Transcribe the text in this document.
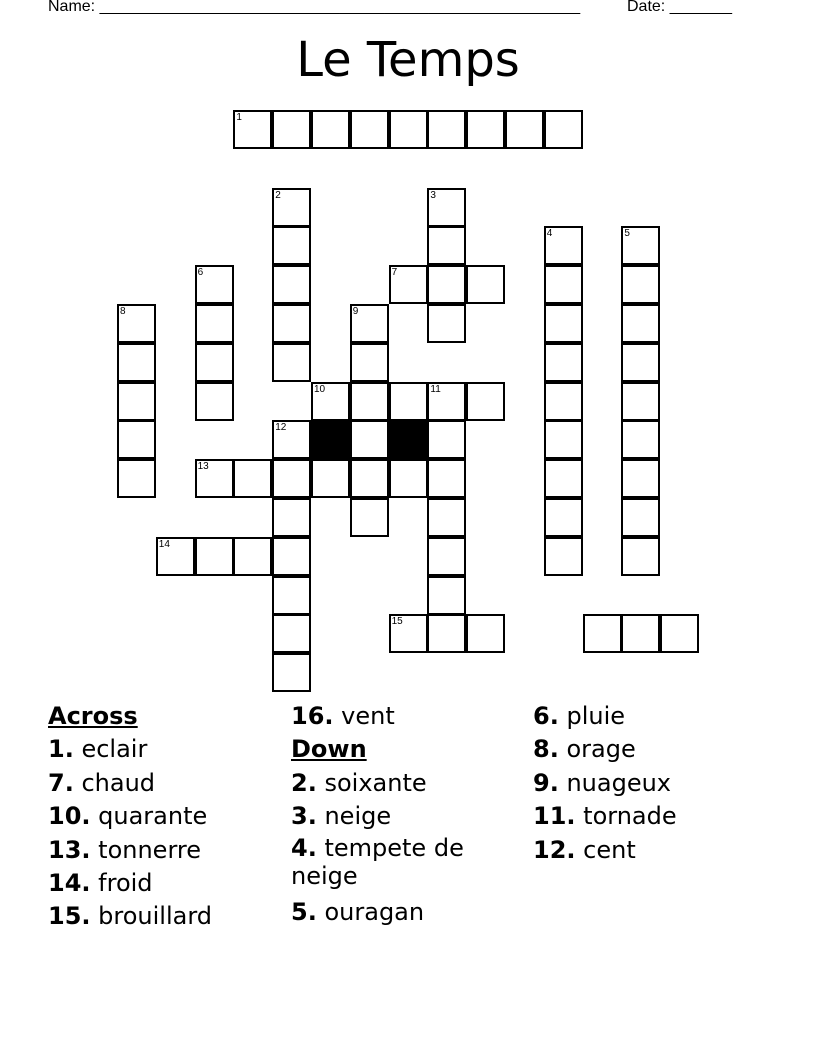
Name: ______________________________________________________	Date: _______
Le Temps
1
2
12
3
7
4	5
6
8	9
10	11
13
14
15

Across

1. eclair

7. chaud

10. quarante

13. tonnerre

14. froid

15. brouillard

16. vent

Down

2. soixante

3. neige

4. tempete de neige

5. ouragan

6. pluie

8. orage

9. nuageux

11. tornade

12. cent
